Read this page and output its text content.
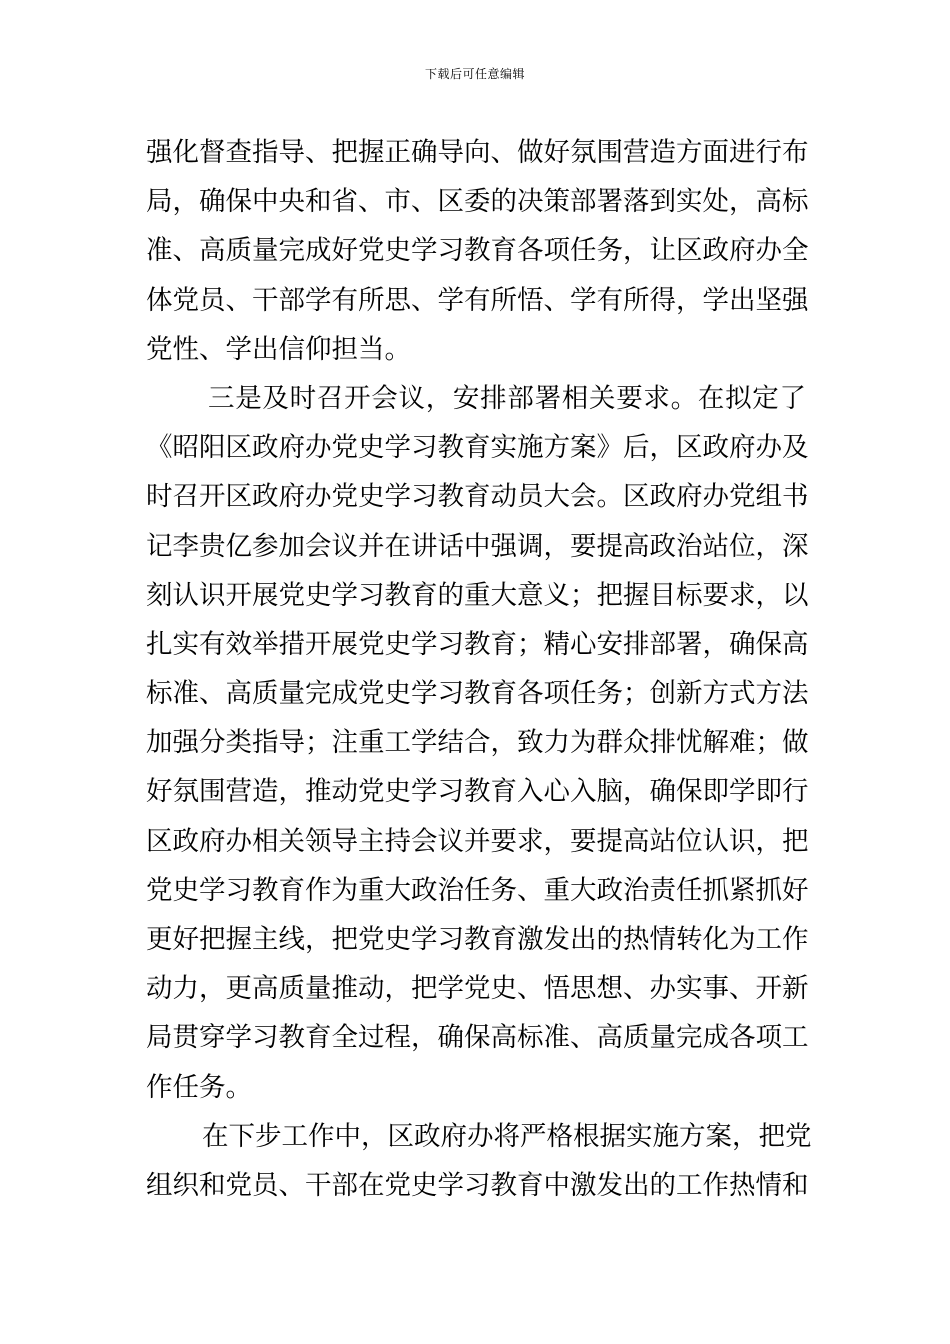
下载后可任意编辑
强化督查指导、把握正确导向、做好氛围营造方面进行布
局，确保中央和省、市、区委的决策部署落到实处，高标
准、高质量完成好党史学习教育各项任务，让区政府办全
体党员、干部学有所思、学有所悟、学有所得，学出坚强
党性、学出信仰担当。
三是及时召开会议，安排部署相关要求。在拟定了
《昭阳区政府办党史学习教育实施方案》后，区政府办及
时召开区政府办党史学习教育动员大会。区政府办党组书
记李贵亿参加会议并在讲话中强调，要提高政治站位，深
刻认识开展党史学习教育的重大意义；把握目标要求，以
扎实有效举措开展党史学习教育；精心安排部署，确保高
标准、高质量完成党史学习教育各项任务；创新方式方法
加强分类指导；注重工学结合，致力为群众排忧解难；做
好氛围营造，推动党史学习教育入心入脑，确保即学即行
区政府办相关领导主持会议并要求，要提高站位认识，把
党史学习教育作为重大政治任务、重大政治责任抓紧抓好
更好把握主线，把党史学习教育激发出的热情转化为工作
动力，更高质量推动，把学党史、悟思想、办实事、开新
局贯穿学习教育全过程，确保高标准、高质量完成各项工
作任务。
在下步工作中，区政府办将严格根据实施方案，把党
组织和党员、干部在党史学习教育中激发出的工作热情和
